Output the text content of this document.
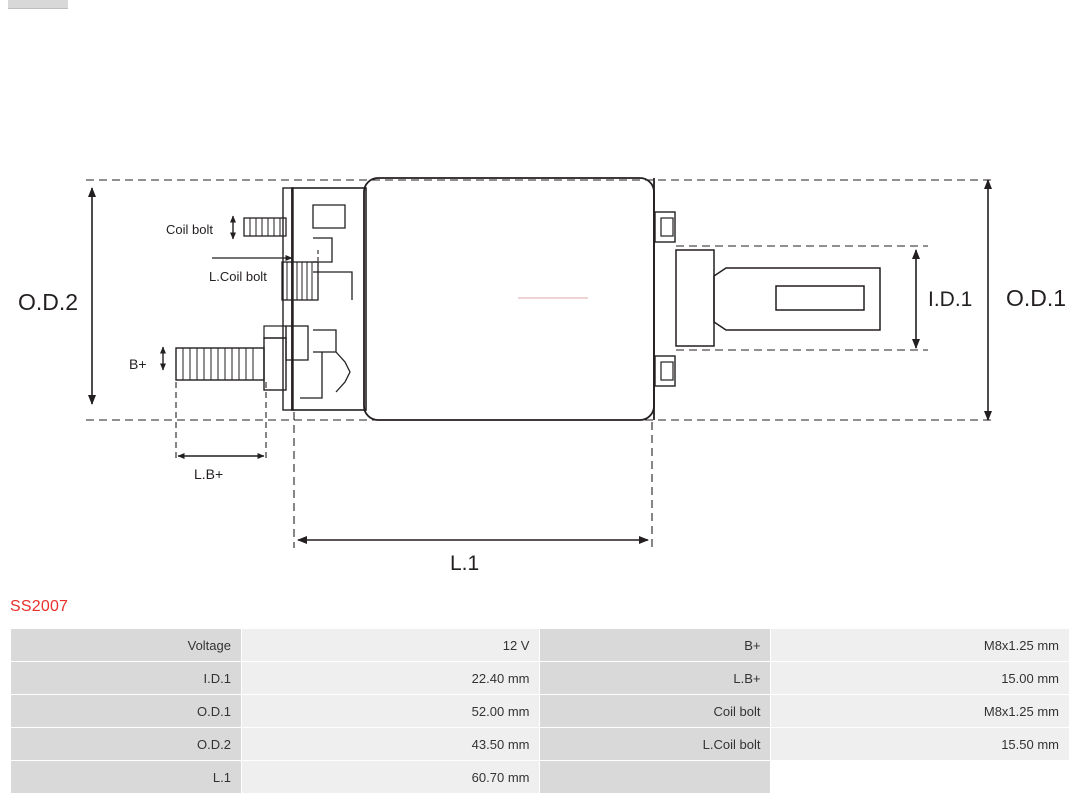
O.D.2	O.D.1
I.D.1
L.1
Coil bolt
L.Coil bolt
B+
L.B+
SS2007
Voltage	12 V	B+	M8x1.25 mm
I.D.1	22.40 mm	L.B+	15.00 mm
O.D.1	52.00 mm	Coil bolt	M8x1.25 mm
O.D.2	43.50 mm	L.Coil bolt	15.50 mm
L.1	60.70 mm		
